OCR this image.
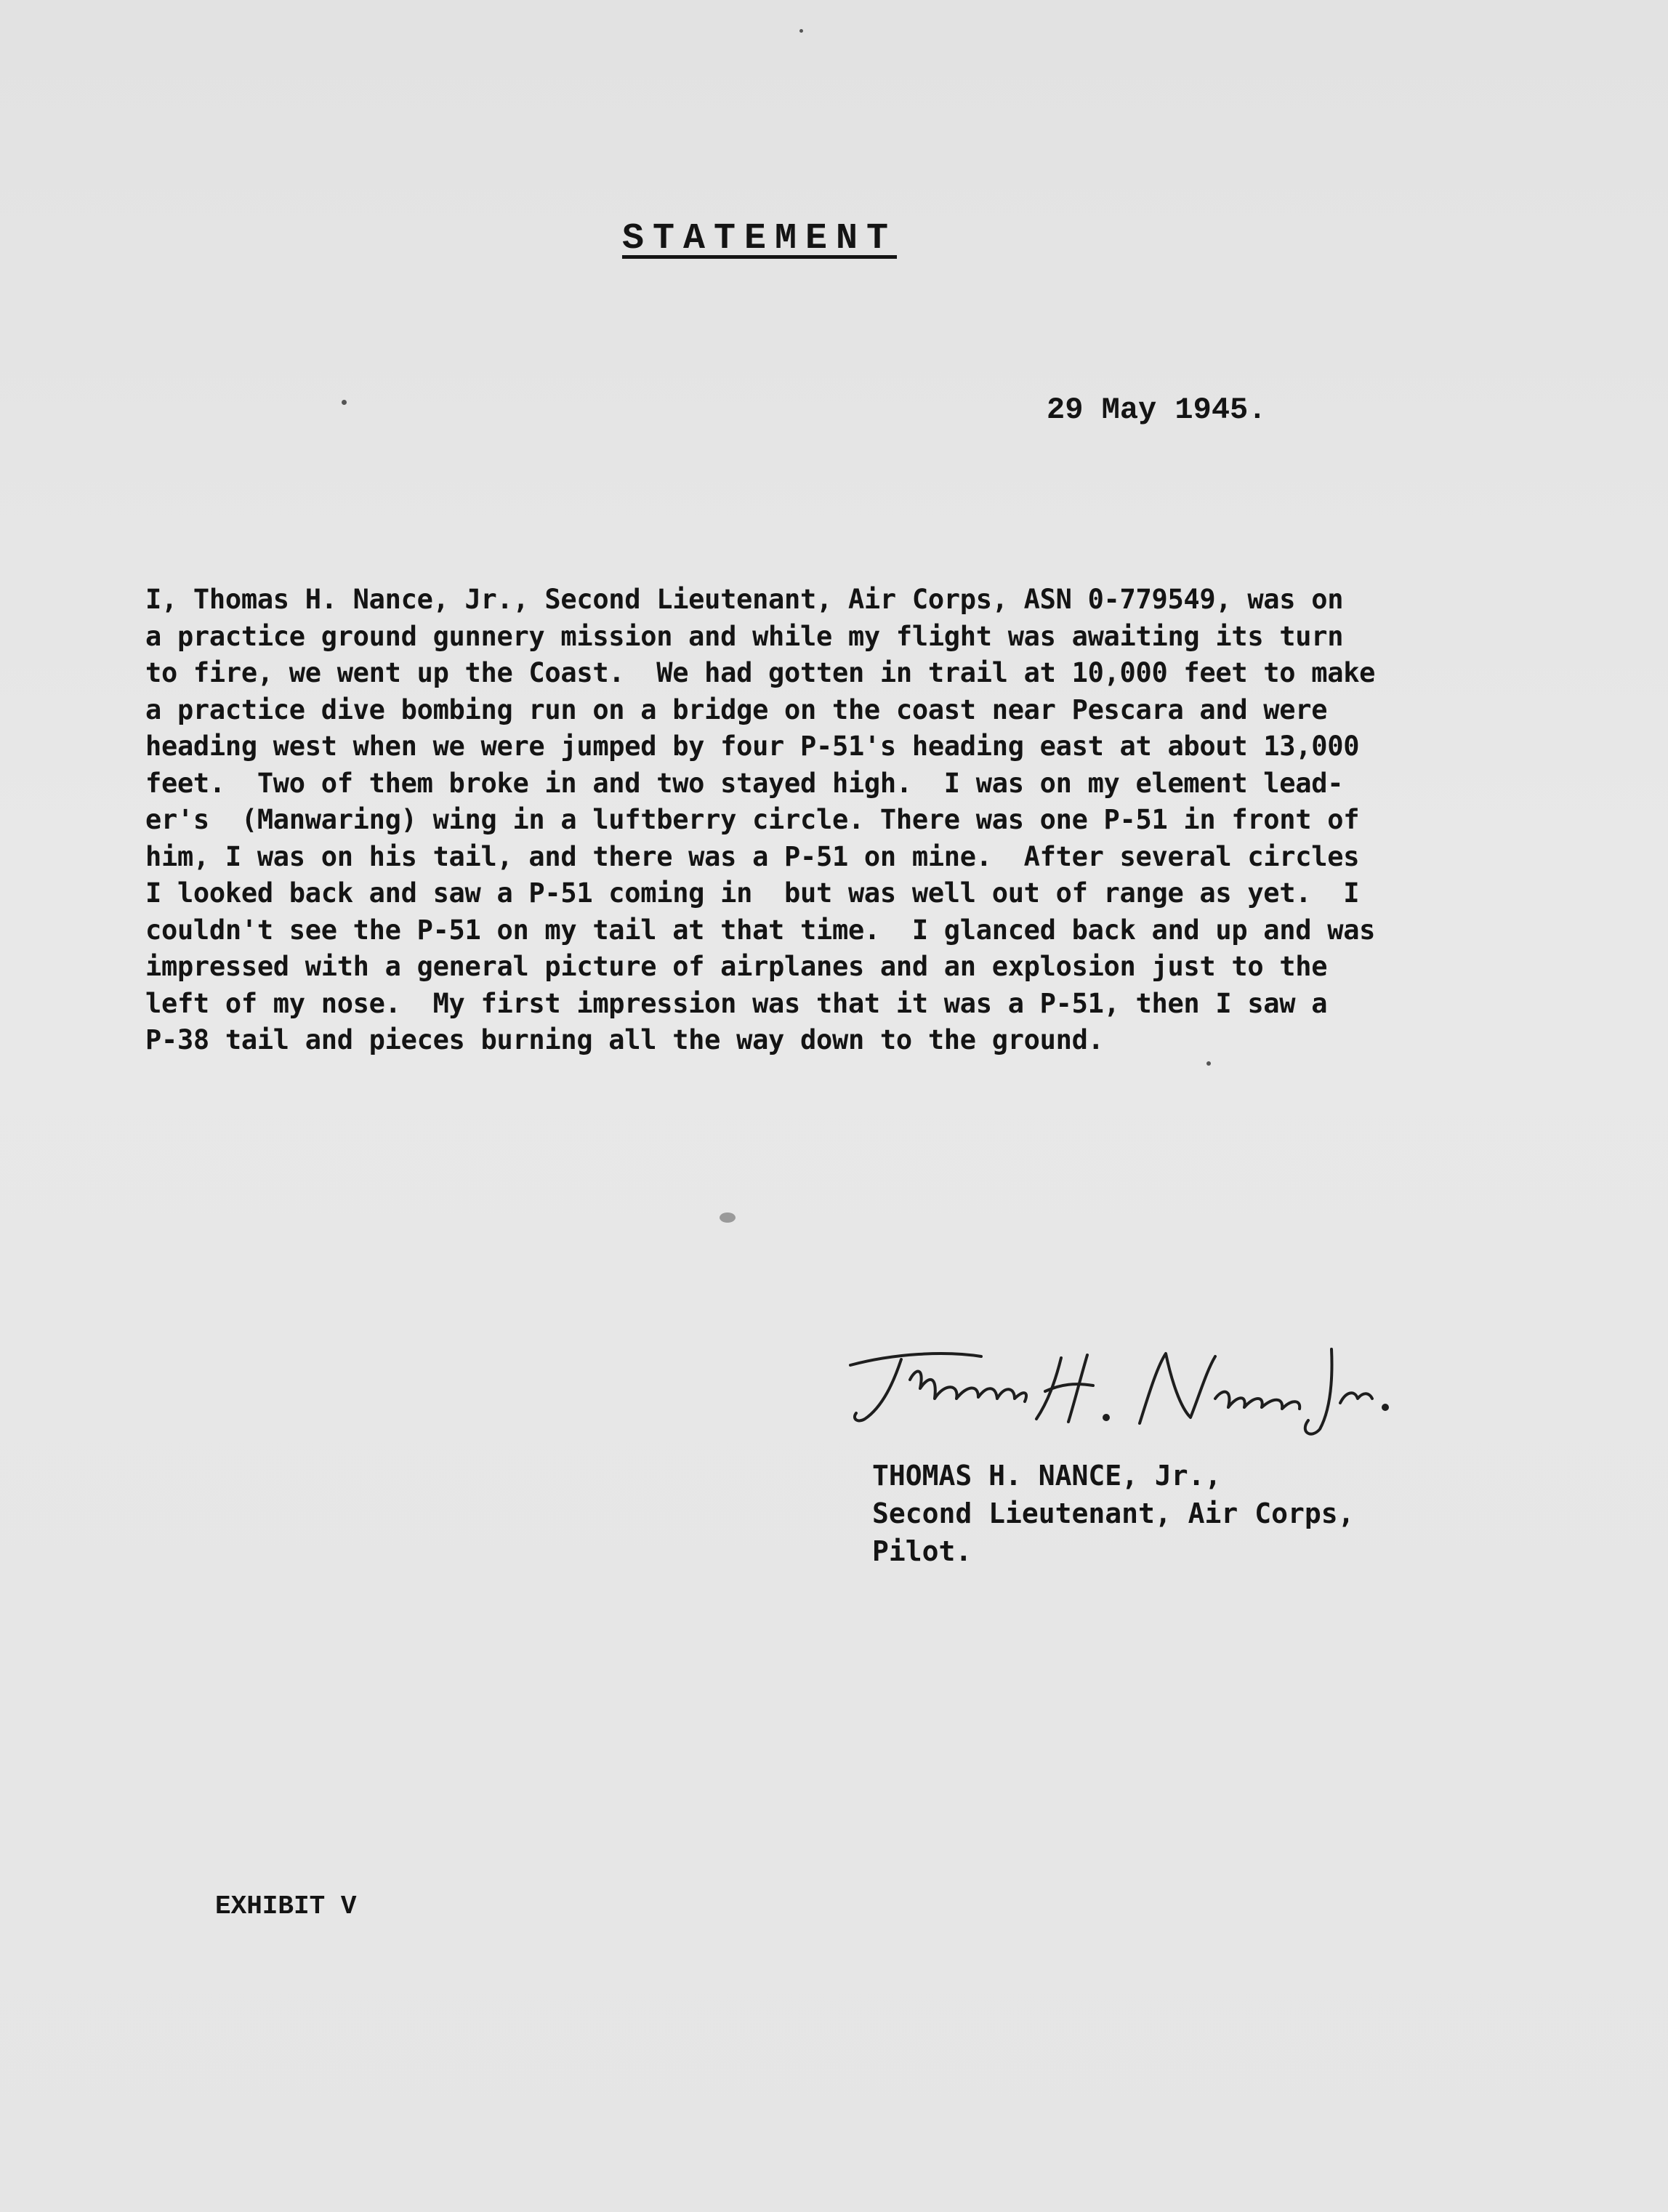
STATEMENT
29 May 1945.
I, Thomas H. Nance, Jr., Second Lieutenant, Air Corps, ASN 0-779549, was on
a practice ground gunnery mission and while my flight was awaiting its turn
to fire, we went up the Coast.  We had gotten in trail at 10,000 feet to make
a practice dive bombing run on a bridge on the coast near Pescara and were
heading west when we were jumped by four P-51's heading east at about 13,000
feet.  Two of them broke in and two stayed high.  I was on my element lead-
er's  (Manwaring) wing in a luftberry circle. There was one P-51 in front of
him, I was on his tail, and there was a P-51 on mine.  After several circles
I looked back and saw a P-51 coming in  but was well out of range as yet.  I
couldn't see the P-51 on my tail at that time.  I glanced back and up and was
impressed with a general picture of airplanes and an explosion just to the
left of my nose.  My first impression was that it was a P-51, then I saw a
P-38 tail and pieces burning all the way down to the ground.
THOMAS H. NANCE, Jr.,
Second Lieutenant, Air Corps,
Pilot.
EXHIBIT V
